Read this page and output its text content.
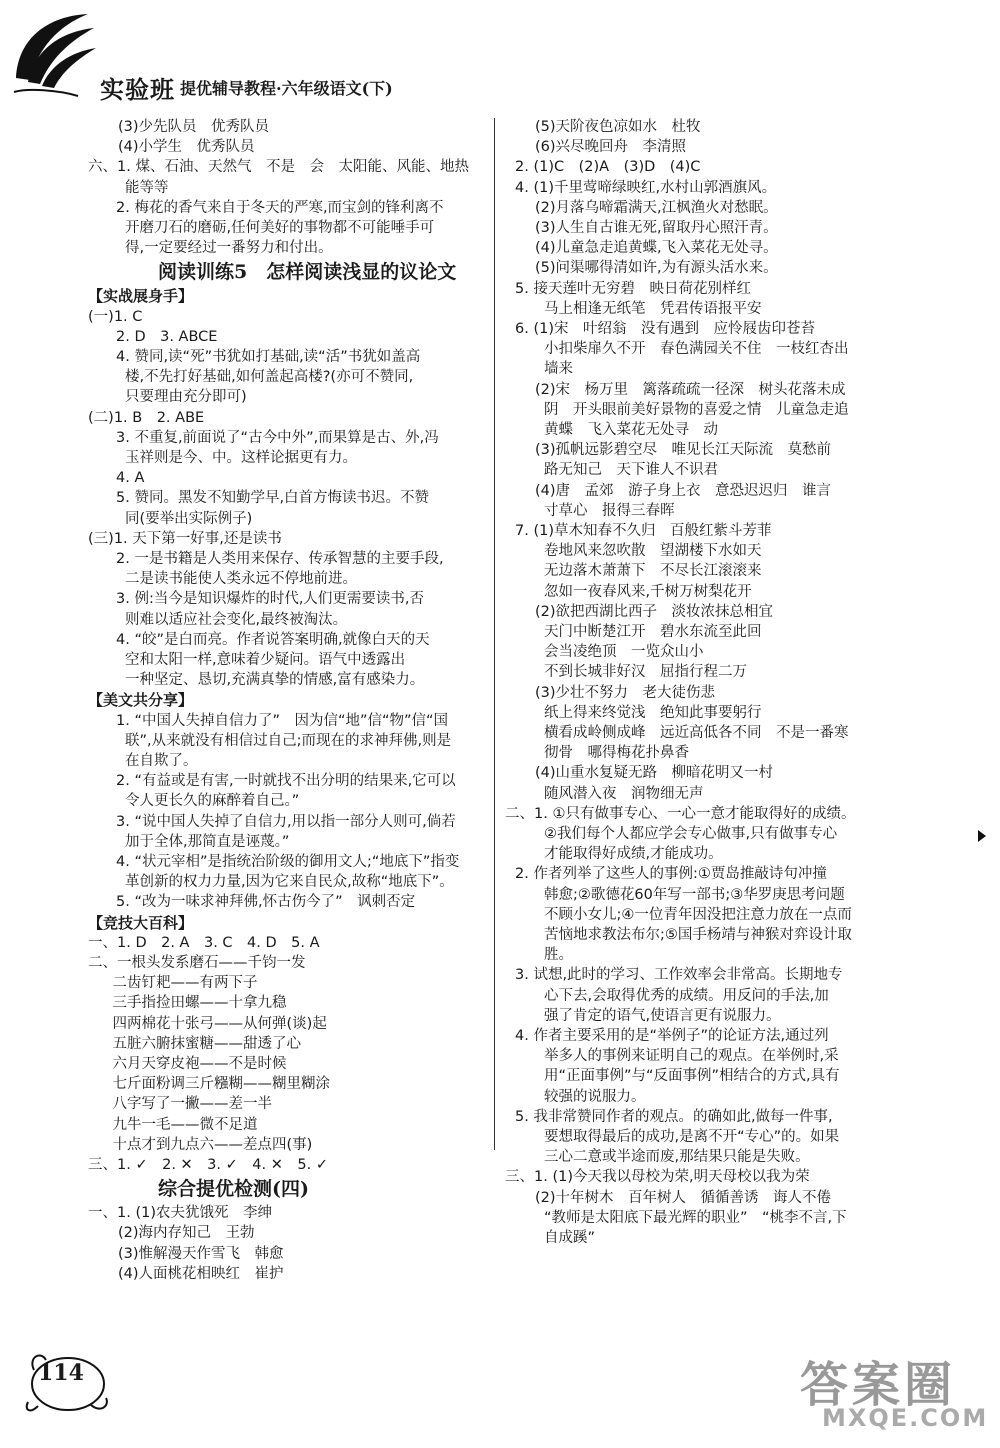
实验班 提优辅导教程·六年级语文(下)
(3)少先队员　优秀队员
(4)小学生　优秀队员
六、1. 煤、石油、天然气　不是　会　太阳能、风能、地热
　　能等等
2. 梅花的香气来自于冬天的严寒,而宝剑的锋利离不
　　开磨刀石的磨砺,任何美好的事物都不可能唾手可
　　得,一定要经过一番努力和付出。
阅读训练5　怎样阅读浅显的议论文
【实战展身手】
(一)1. C
2. D　3. ABCE
4. 赞同,读“死”书犹如打基础,读“活”书犹如盖高
　　楼,不先打好基础,如何盖起高楼?(亦可不赞同,
　　只要理由充分即可)
(二)1. B　2. ABE
3. 不重复,前面说了“古今中外”,而果算是古、外,冯
　　玉祥则是今、中。这样论据更有力。
4. A
5. 赞同。黑发不知勤学早,白首方悔读书迟。不赞
　　同(要举出实际例子)
(三)1. 天下第一好事,还是读书
2. 一是书籍是人类用来保存、传承智慧的主要手段,
　　二是读书能使人类永远不停地前进。
3. 例:当今是知识爆炸的时代,人们更需要读书,否
　　则难以适应社会变化,最终被淘汰。
4. “皎”是白而亮。作者说答案明确,就像白天的天
　　空和太阳一样,意味着少疑问。语气中透露出
　　一种坚定、恳切,充满真挚的情感,富有感染力。
【美文共分享】
1. “中国人失掉自信力了”　因为信“地”信“物”信“国
　　联”,从来就没有相信过自己;而现在的求神拜佛,则是
　　在自欺了。
2. “有益或是有害,一时就找不出分明的结果来,它可以
　　令人更长久的麻醉着自己。”
3. “说中国人失掉了自信力,用以指一部分人则可,倘若
　　加于全体,那简直是诬蔑。”
4. “状元宰相”是指统治阶级的御用文人;“地底下”指变
　　革创新的权力力量,因为它来自民众,故称“地底下”。
5. “改为一味求神拜佛,怀古伤今了”　讽刺否定
【竞技大百科】
一、1. D　2. A　3. C　4. D　5. A
二、一根头发系磨石——千钧一发
　二齿钉耙——有两下子
　三手指捡田螺——十拿九稳
　四两棉花十张弓——从何弹(谈)起
　五脏六腑抹蜜糖——甜透了心
　六月天穿皮袍——不是时候
　七斤面粉调三斤糨糊——糊里糊涂
　八字写了一撇——差一半
　九牛一毛——微不足道
　十点才到九点六——差点四(事)
三、1. ✓　2. ✕　3. ✓　4. ✕　5. ✓
综合提优检测(四)
一、1. (1)农夫犹饿死　李绅
(2)海内存知己　王勃
(3)惟解漫天作雪飞　韩愈
(4)人面桃花相映红　崔护
(5)天阶夜色凉如水　杜牧
(6)兴尽晚回舟　李清照
2. (1)C　(2)A　(3)D　(4)C
4. (1)千里莺啼绿映红,水村山郭酒旗风。
(2)月落乌啼霜满天,江枫渔火对愁眠。
(3)人生自古谁无死,留取丹心照汗青。
(4)儿童急走追黄蝶,飞入菜花无处寻。
(5)问渠哪得清如许,为有源头活水来。
5. 接天莲叶无穷碧　映日荷花别样红
　　马上相逢无纸笔　凭君传语报平安
6. (1)宋　叶绍翁　没有遇到　应怜屐齿印苍苔
　　小扣柴扉久不开　春色满园关不住　一枝红杏出
　　墙来
(2)宋　杨万里　篱落疏疏一径深　树头花落未成
　　阴　开头眼前美好景物的喜爱之情　儿童急走追
　　黄蝶　飞入菜花无处寻　动
(3)孤帆远影碧空尽　唯见长江天际流　莫愁前
　　路无知己　天下谁人不识君
(4)唐　孟郊　游子身上衣　意恐迟迟归　谁言
　　寸草心　报得三春晖
7. (1)草木知春不久归　百般红紫斗芳菲
　　卷地风来忽吹散　望湖楼下水如天
　　无边落木萧萧下　不尽长江滚滚来
　　忽如一夜春风来,千树万树梨花开
(2)欲把西湖比西子　淡妆浓抹总相宜
　　天门中断楚江开　碧水东流至此回
　　会当凌绝顶　一览众山小
　　不到长城非好汉　屈指行程二万
(3)少壮不努力　老大徒伤悲
　　纸上得来终觉浅　绝知此事要躬行
　　横看成岭侧成峰　远近高低各不同　不是一番寒
　　彻骨　哪得梅花扑鼻香
(4)山重水复疑无路　柳暗花明又一村
　　随风潜入夜　润物细无声
二、1. ①只有做事专心、一心一意才能取得好的成绩。
　　②我们每个人都应学会专心做事,只有做事专心
　　才能取得好成绩,才能成功。
2. 作者列举了这些人的事例:①贾岛推敲诗句冲撞
　　韩愈;②歌德花60年写一部书;③华罗庚思考问题
　　不顾小女儿;④一位青年因没把注意力放在一点而
　　苦恼地求教法布尔;⑤国手杨靖与神猴对弈设计取
　　胜。
3. 试想,此时的学习、工作效率会非常高。长期地专
　　心下去,会取得优秀的成绩。用反问的手法,加
　　强了肯定的语气,使语言更有说服力。
4. 作者主要采用的是“举例子”的论证方法,通过列
　　举多人的事例来证明自己的观点。在举例时,采
　　用“正面事例”与“反面事例”相结合的方式,具有
　　较强的说服力。
5. 我非常赞同作者的观点。的确如此,做每一件事,
　　要想取得最后的成功,是离不开“专心”的。如果
　　三心二意或半途而废,那结果只能是失败。
三、1. (1)今天我以母校为荣,明天母校以我为荣
(2)十年树木　百年树人　循循善诱　诲人不倦
　　“教师是太阳底下最光辉的职业”　“桃李不言,下
　　自成蹊”
114	答案圈
MXQE.COM
